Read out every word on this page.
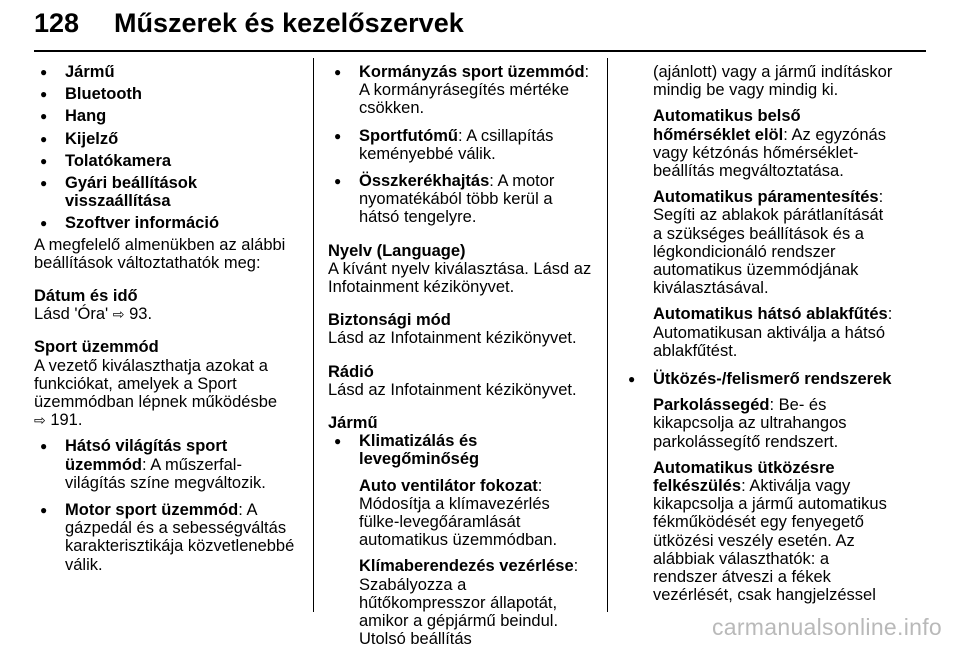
128 Műszerek és kezelőszervek
● Jármű
● Bluetooth
● Hang
● Kijelző
● Tolatókamera
● Gyári beállítások visszaállítása
● Szoftver információ

A megfelelő almenükben az alábbi beállítások változtathatók meg:

Dátum és idő

Lásd 'Óra' ⇨ 93.

Sport üzemmód

A vezető kiválaszthatja azokat a funkciókat, amelyek a Sport üzemmódban lépnek működésbe
⇨ 191.

● Hátsó világítás sport üzemmód: A műszerfal-világítás színe megváltozik.
● Motor sport üzemmód: A gázpedál és a sebességváltás karakterisztikája közvetlenebbé válik.
● Kormányzás sport üzemmód: A kormányrásegítés mértéke csökken.
● Sportfutómű: A csillapítás keményebbé válik.
● Összkerékhajtás: A motor nyomatékából több kerül a hátsó tengelyre.
Nyelv (Language)

A kívánt nyelv kiválasztása. Lásd az Infotainment kézikönyvet.

Biztonsági mód

Lásd az Infotainment kézikönyvet.

Rádió

Lásd az Infotainment kézikönyvet.

Jármű
● Klimatizálás és levegőminőség

Auto ventilátor fokozat: Módosítja a klímavezérlés fülke-levegőáramlását automatikus üzemmódban.

Klímaberendezés vezérlése: Szabályozza a hűtőkompresszor állapotát, amikor a gépjármű beindul. Utolsó beállítás

(ajánlott) vagy a jármű indításkor mindig be vagy mindig ki.

Automatikus belső hőmérséklet elöl: Az egyzónás vagy kétzónás hőmérséklet-beállítás megváltoztatása.

Automatikus páramentesítés: Segíti az ablakok párátlanítását a szükséges beállítások és a légkondicionáló rendszer automatikus üzemmódjának kiválasztásával.

Automatikus hátsó ablakfűtés: Automatikusan aktiválja a hátsó ablakfűtést.

● Ütközés-/felismerő rendszerek

Parkolássegéd: Be- és kikapcsolja az ultrahangos parkolássegítő rendszert.

Automatikus ütközésre felkészülés: Aktiválja vagy kikapcsolja a jármű automatikus fékműködését egy fenyegető ütközési veszély esetén. Az alábbiak választhatók: a rendszer átveszi a fékek vezérlését, csak hangjelzéssel

carmanualsonline.info
